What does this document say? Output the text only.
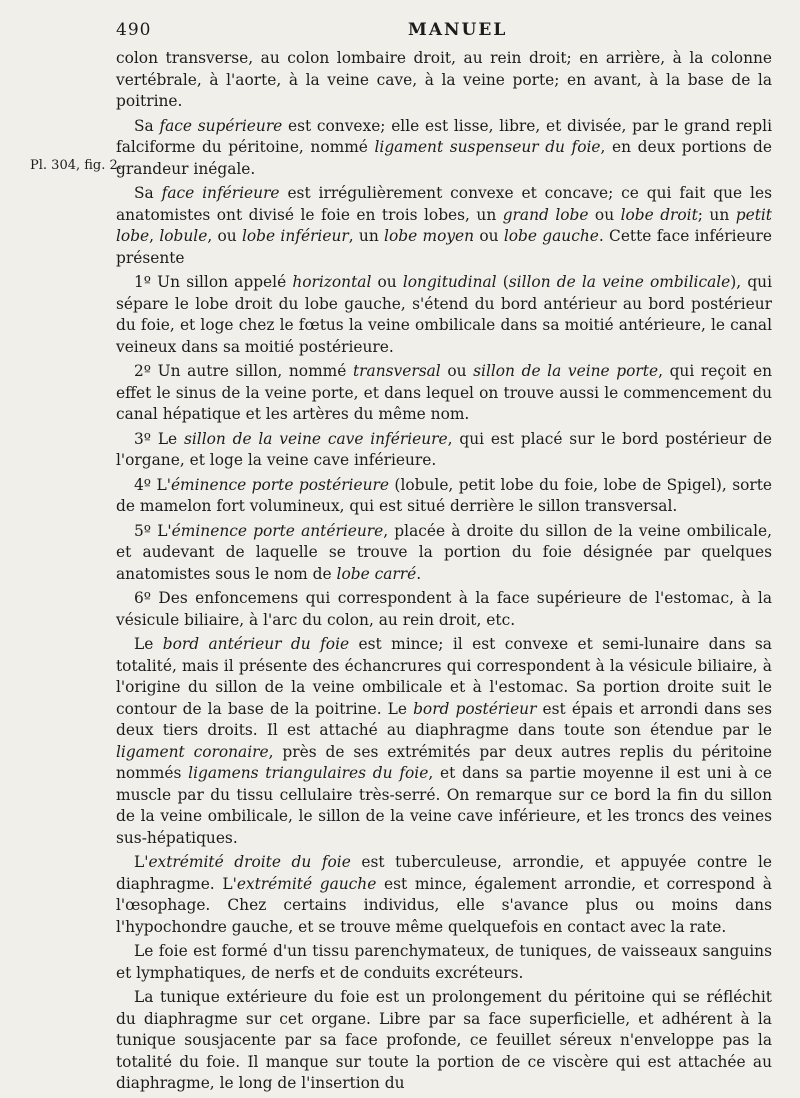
490	MANUEL
Pl. 304, fig. 2.

colon transverse, au colon lombaire droit, au rein droit; en arrière, à la colonne vertébrale, à l'aorte, à la veine cave, à la veine porte; en avant, à la base de la poitrine.

Sa face supérieure est convexe; elle est lisse, libre, et divisée, par le grand repli falciforme du péritoine, nommé ligament suspenseur du foie, en deux portions de grandeur inégale.

Sa face inférieure est irrégulièrement convexe et concave; ce qui fait que les anatomistes ont divisé le foie en trois lobes, un grand lobe ou lobe droit; un petit lobe, lobule, ou lobe inférieur, un lobe moyen ou lobe gauche. Cette face inférieure présente

1º Un sillon appelé horizontal ou longitudinal (sillon de la veine ombilicale), qui sépare le lobe droit du lobe gauche, s'étend du bord antérieur au bord postérieur du foie, et loge chez le fœtus la veine ombilicale dans sa moitié antérieure, le canal veineux dans sa moitié postérieure.

2º Un autre sillon, nommé transversal ou sillon de la veine porte, qui reçoit en effet le sinus de la veine porte, et dans lequel on trouve aussi le commencement du canal hépatique et les artères du même nom.

3º Le sillon de la veine cave inférieure, qui est placé sur le bord postérieur de l'organe, et loge la veine cave inférieure.

4º L'éminence porte postérieure (lobule, petit lobe du foie, lobe de Spigel), sorte de mamelon fort volumineux, qui est situé derrière le sillon transversal.

5º L'éminence porte antérieure, placée à droite du sillon de la veine ombilicale, et audevant de laquelle se trouve la portion du foie désignée par quelques anatomistes sous le nom de lobe carré.

6º Des enfoncemens qui correspondent à la face supérieure de l'estomac, à la vésicule biliaire, à l'arc du colon, au rein droit, etc.

Le bord antérieur du foie est mince; il est convexe et semi-lunaire dans sa totalité, mais il présente des échancrures qui correspondent à la vésicule biliaire, à l'origine du sillon de la veine ombilicale et à l'estomac. Sa portion droite suit le contour de la base de la poitrine. Le bord postérieur est épais et arrondi dans ses deux tiers droits. Il est attaché au diaphragme dans toute son étendue par le ligament coronaire, près de ses extrémités par deux autres replis du péritoine nommés ligamens triangulaires du foie, et dans sa partie moyenne il est uni à ce muscle par du tissu cellulaire très-serré. On remarque sur ce bord la fin du sillon de la veine ombilicale, le sillon de la veine cave inférieure, et les troncs des veines sus-hépatiques.

L'extrémité droite du foie est tuberculeuse, arrondie, et appuyée contre le diaphragme. L'extrémité gauche est mince, également arrondie, et correspond à l'œsophage. Chez certains individus, elle s'avance plus ou moins dans l'hypochondre gauche, et se trouve même quelquefois en contact avec la rate.

Le foie est formé d'un tissu parenchymateux, de tuniques, de vaisseaux sanguins et lymphatiques, de nerfs et de conduits excréteurs.

La tunique extérieure du foie est un prolongement du péritoine qui se réfléchit du diaphragme sur cet organe. Libre par sa face superficielle, et adhérent à la tunique sousjacente par sa face profonde, ce feuillet séreux n'enveloppe pas la totalité du foie. Il manque sur toute la portion de ce viscère qui est attachée au diaphragme, le long de l'insertion du
